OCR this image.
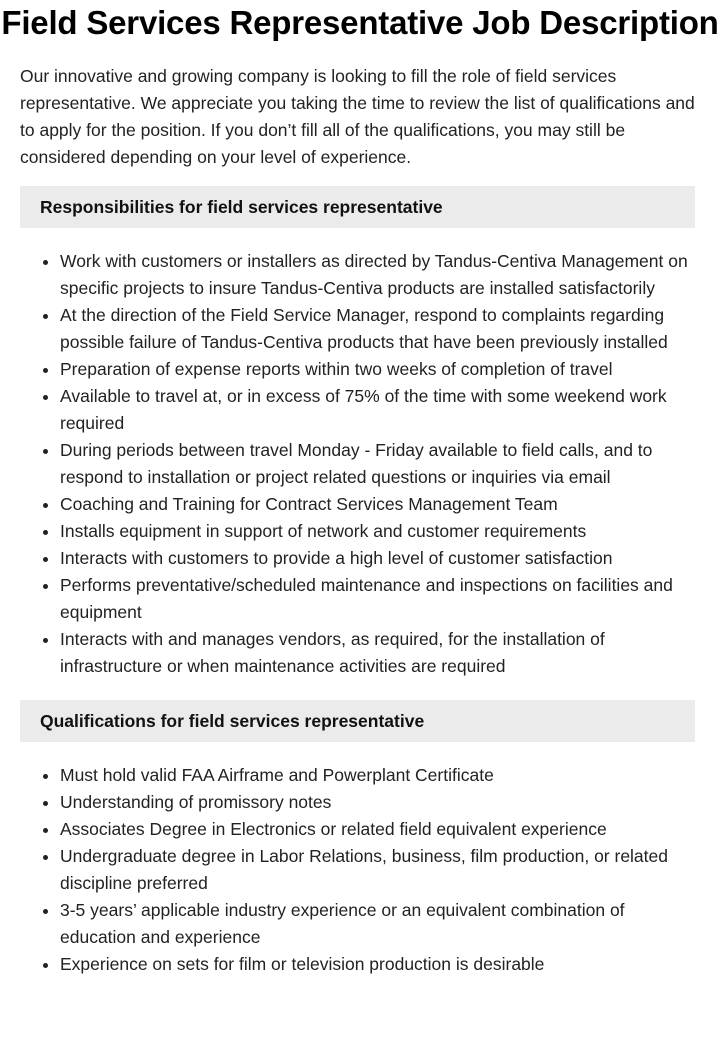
Field Services Representative Job Description

Our innovative and growing company is looking to fill the role of field services representative. We appreciate you taking the time to review the list of qualifications and to apply for the position. If you don’t fill all of the qualifications, you may still be considered depending on your level of experience.

Responsibilities for field services representative
• Work with customers or installers as directed by Tandus-Centiva Management on specific projects to insure Tandus-Centiva products are installed satisfactorily
• At the direction of the Field Service Manager, respond to complaints regarding possible failure of Tandus-Centiva products that have been previously installed
• Preparation of expense reports within two weeks of completion of travel
• Available to travel at, or in excess of 75% of the time with some weekend work required
• During periods between travel Monday - Friday available to field calls, and to respond to installation or project related questions or inquiries via email
• Coaching and Training for Contract Services Management Team
• Installs equipment in support of network and customer requirements
• Interacts with customers to provide a high level of customer satisfaction
• Performs preventative/scheduled maintenance and inspections on facilities and equipment
• Interacts with and manages vendors, as required, for the installation of infrastructure or when maintenance activities are required
Qualifications for field services representative
• Must hold valid FAA Airframe and Powerplant Certificate
• Understanding of promissory notes
• Associates Degree in Electronics or related field equivalent experience
• Undergraduate degree in Labor Relations, business, film production, or related discipline preferred
• 3-5 years’ applicable industry experience or an equivalent combination of education and experience
• Experience on sets for film or television production is desirable
